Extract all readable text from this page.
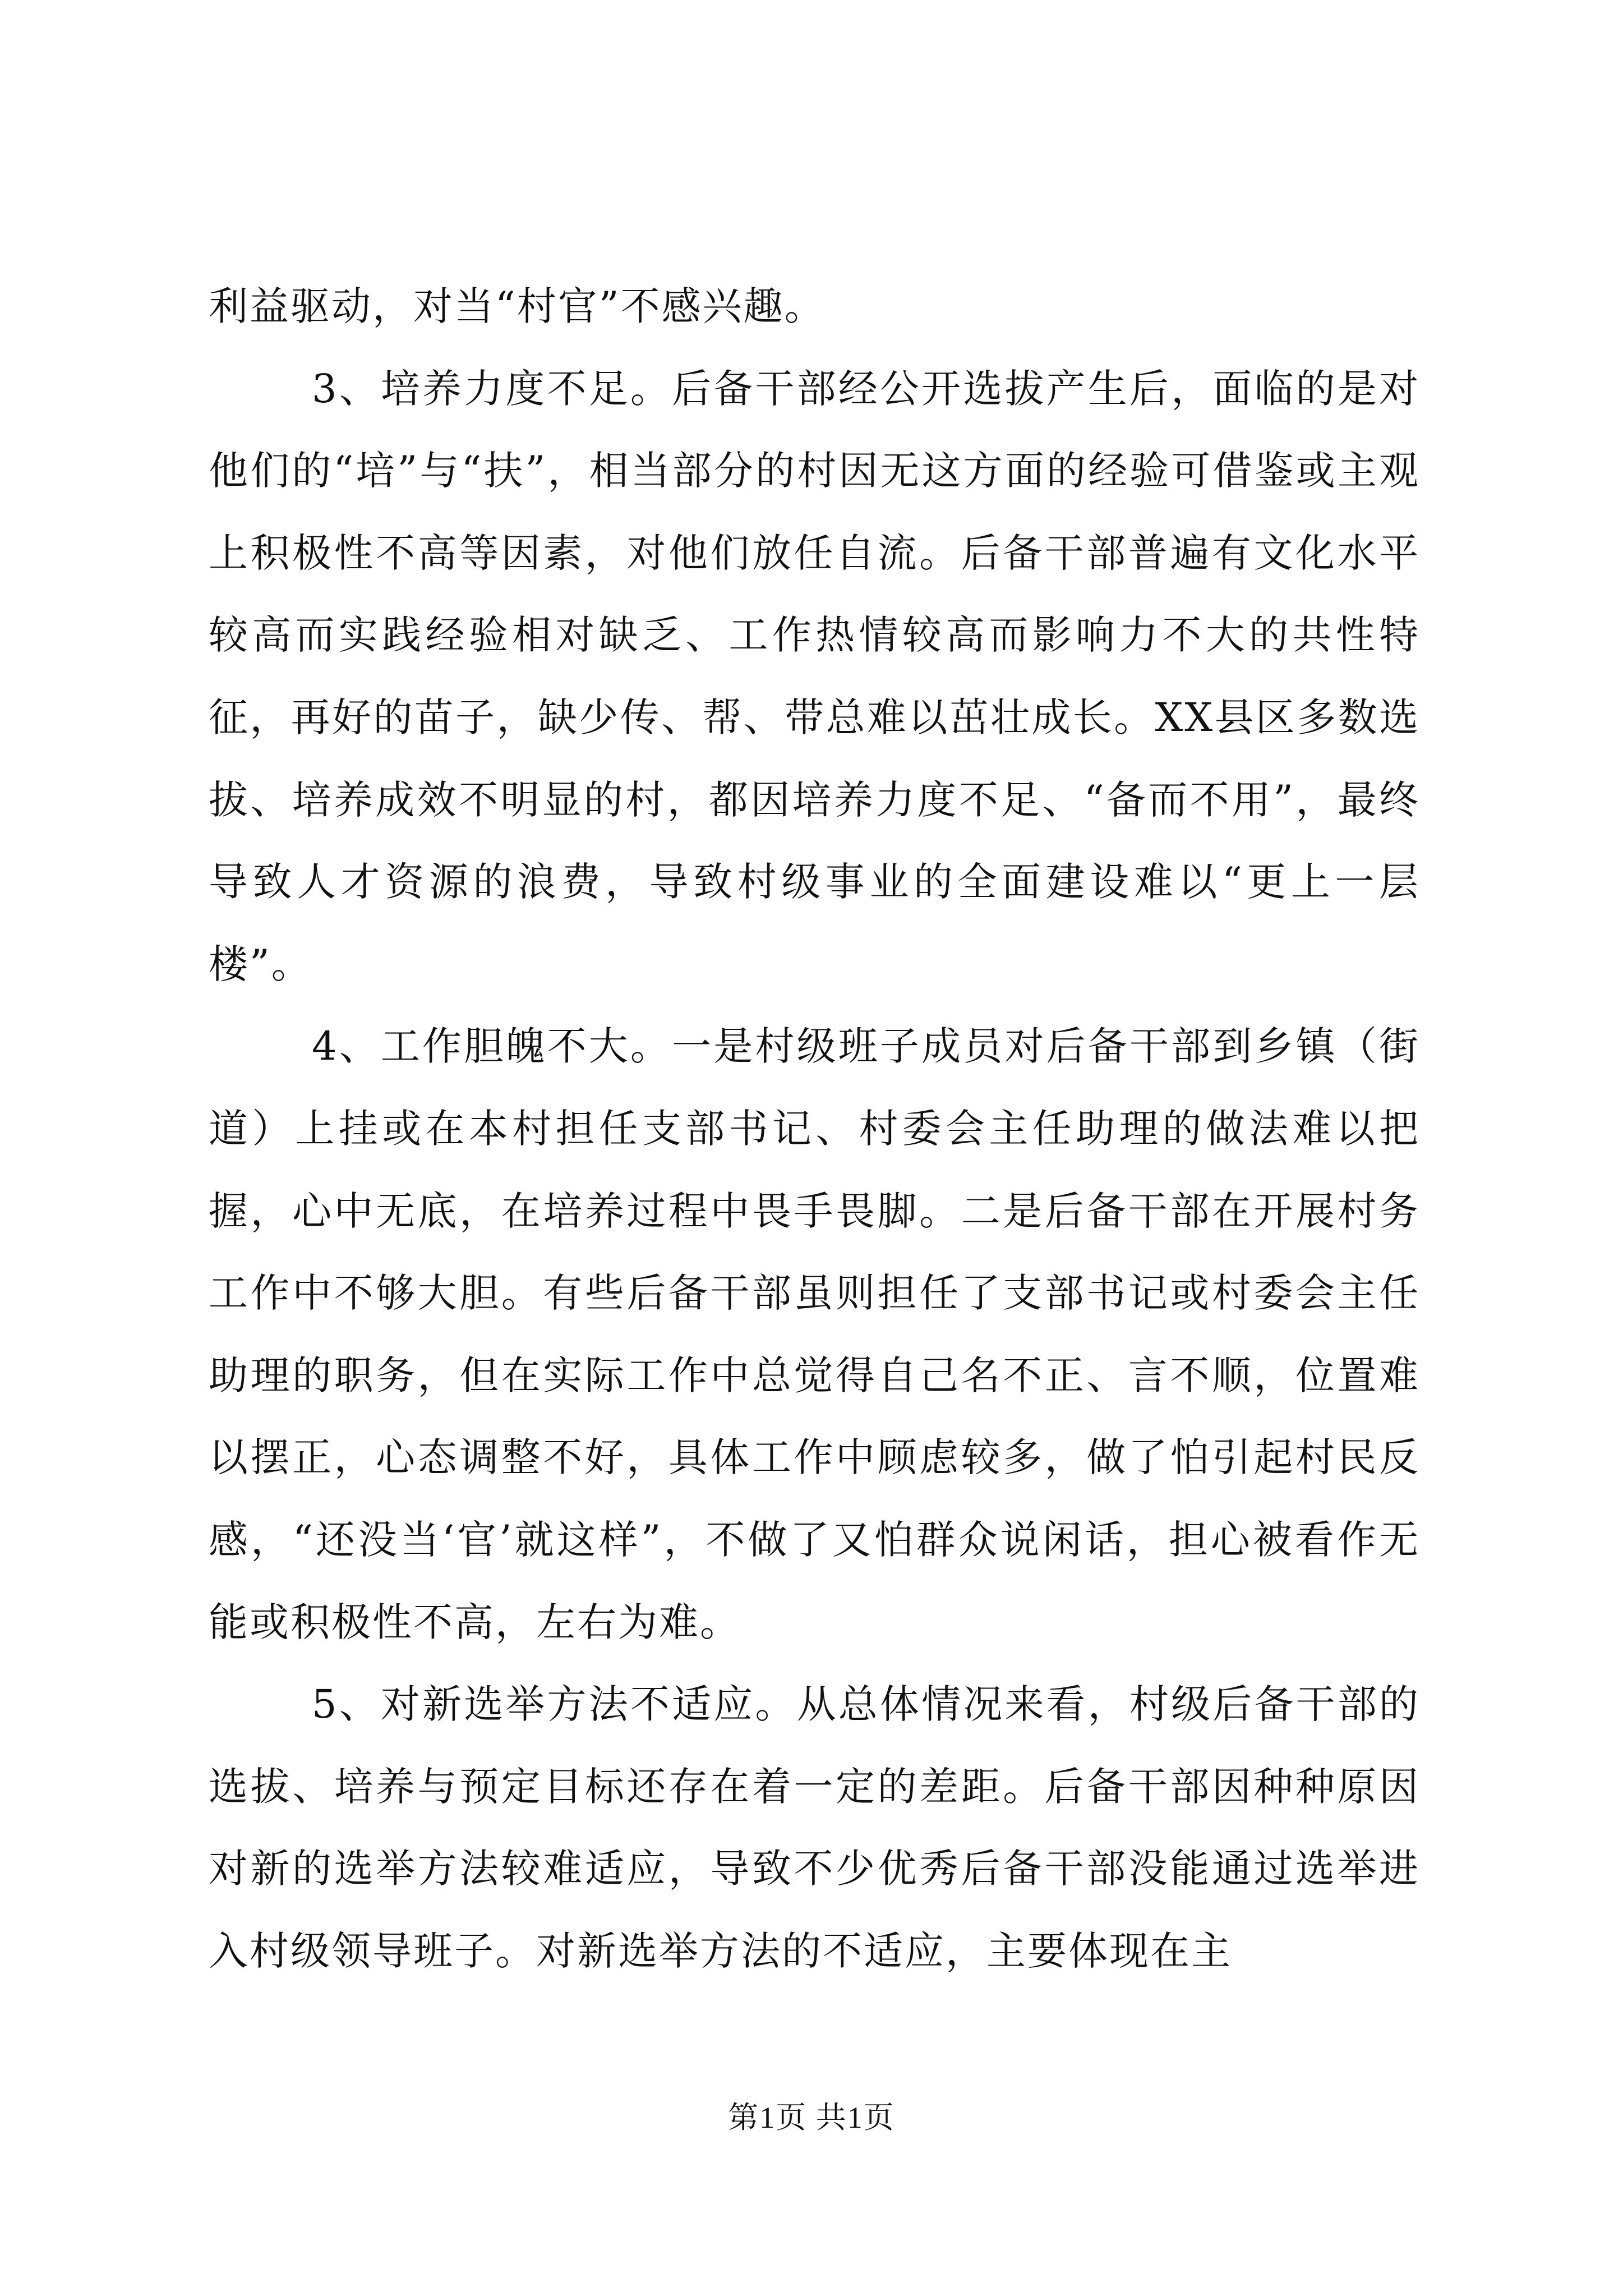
利益驱动，对当“村官”不感兴趣。

3、培养力度不足。后备干部经公开选拔产生后，面临的是对他们的“培”与“扶”，相当部分的村因无这方面的经验可借鉴或主观上积极性不高等因素，对他们放任自流。后备干部普遍有文化水平较高而实践经验相对缺乏、工作热情较高而影响力不大的共性特征，再好的苗子，缺少传、帮、带总难以茁壮成长。XX县区多数选拔、培养成效不明显的村，都因培养力度不足、“备而不用”，最终导致人才资源的浪费，导致村级事业的全面建设难以“更上一层楼”。

4、工作胆魄不大。一是村级班子成员对后备干部到乡镇（街道）上挂或在本村担任支部书记、村委会主任助理的做法难以把握，心中无底，在培养过程中畏手畏脚。二是后备干部在开展村务工作中不够大胆。有些后备干部虽则担任了支部书记或村委会主任助理的职务，但在实际工作中总觉得自己名不正、言不顺，位置难以摆正，心态调整不好，具体工作中顾虑较多，做了怕引起村民反感，“还没当‘官’就这样”，不做了又怕群众说闲话，担心被看作无能或积极性不高，左右为难。

5、对新选举方法不适应。从总体情况来看，村级后备干部的选拔、培养与预定目标还存在着一定的差距。后备干部因种种原因对新的选举方法较难适应，导致不少优秀后备干部没能通过选举进入村级领导班子。对新选举方法的不适应，主要体现在主

第1页 共1页
